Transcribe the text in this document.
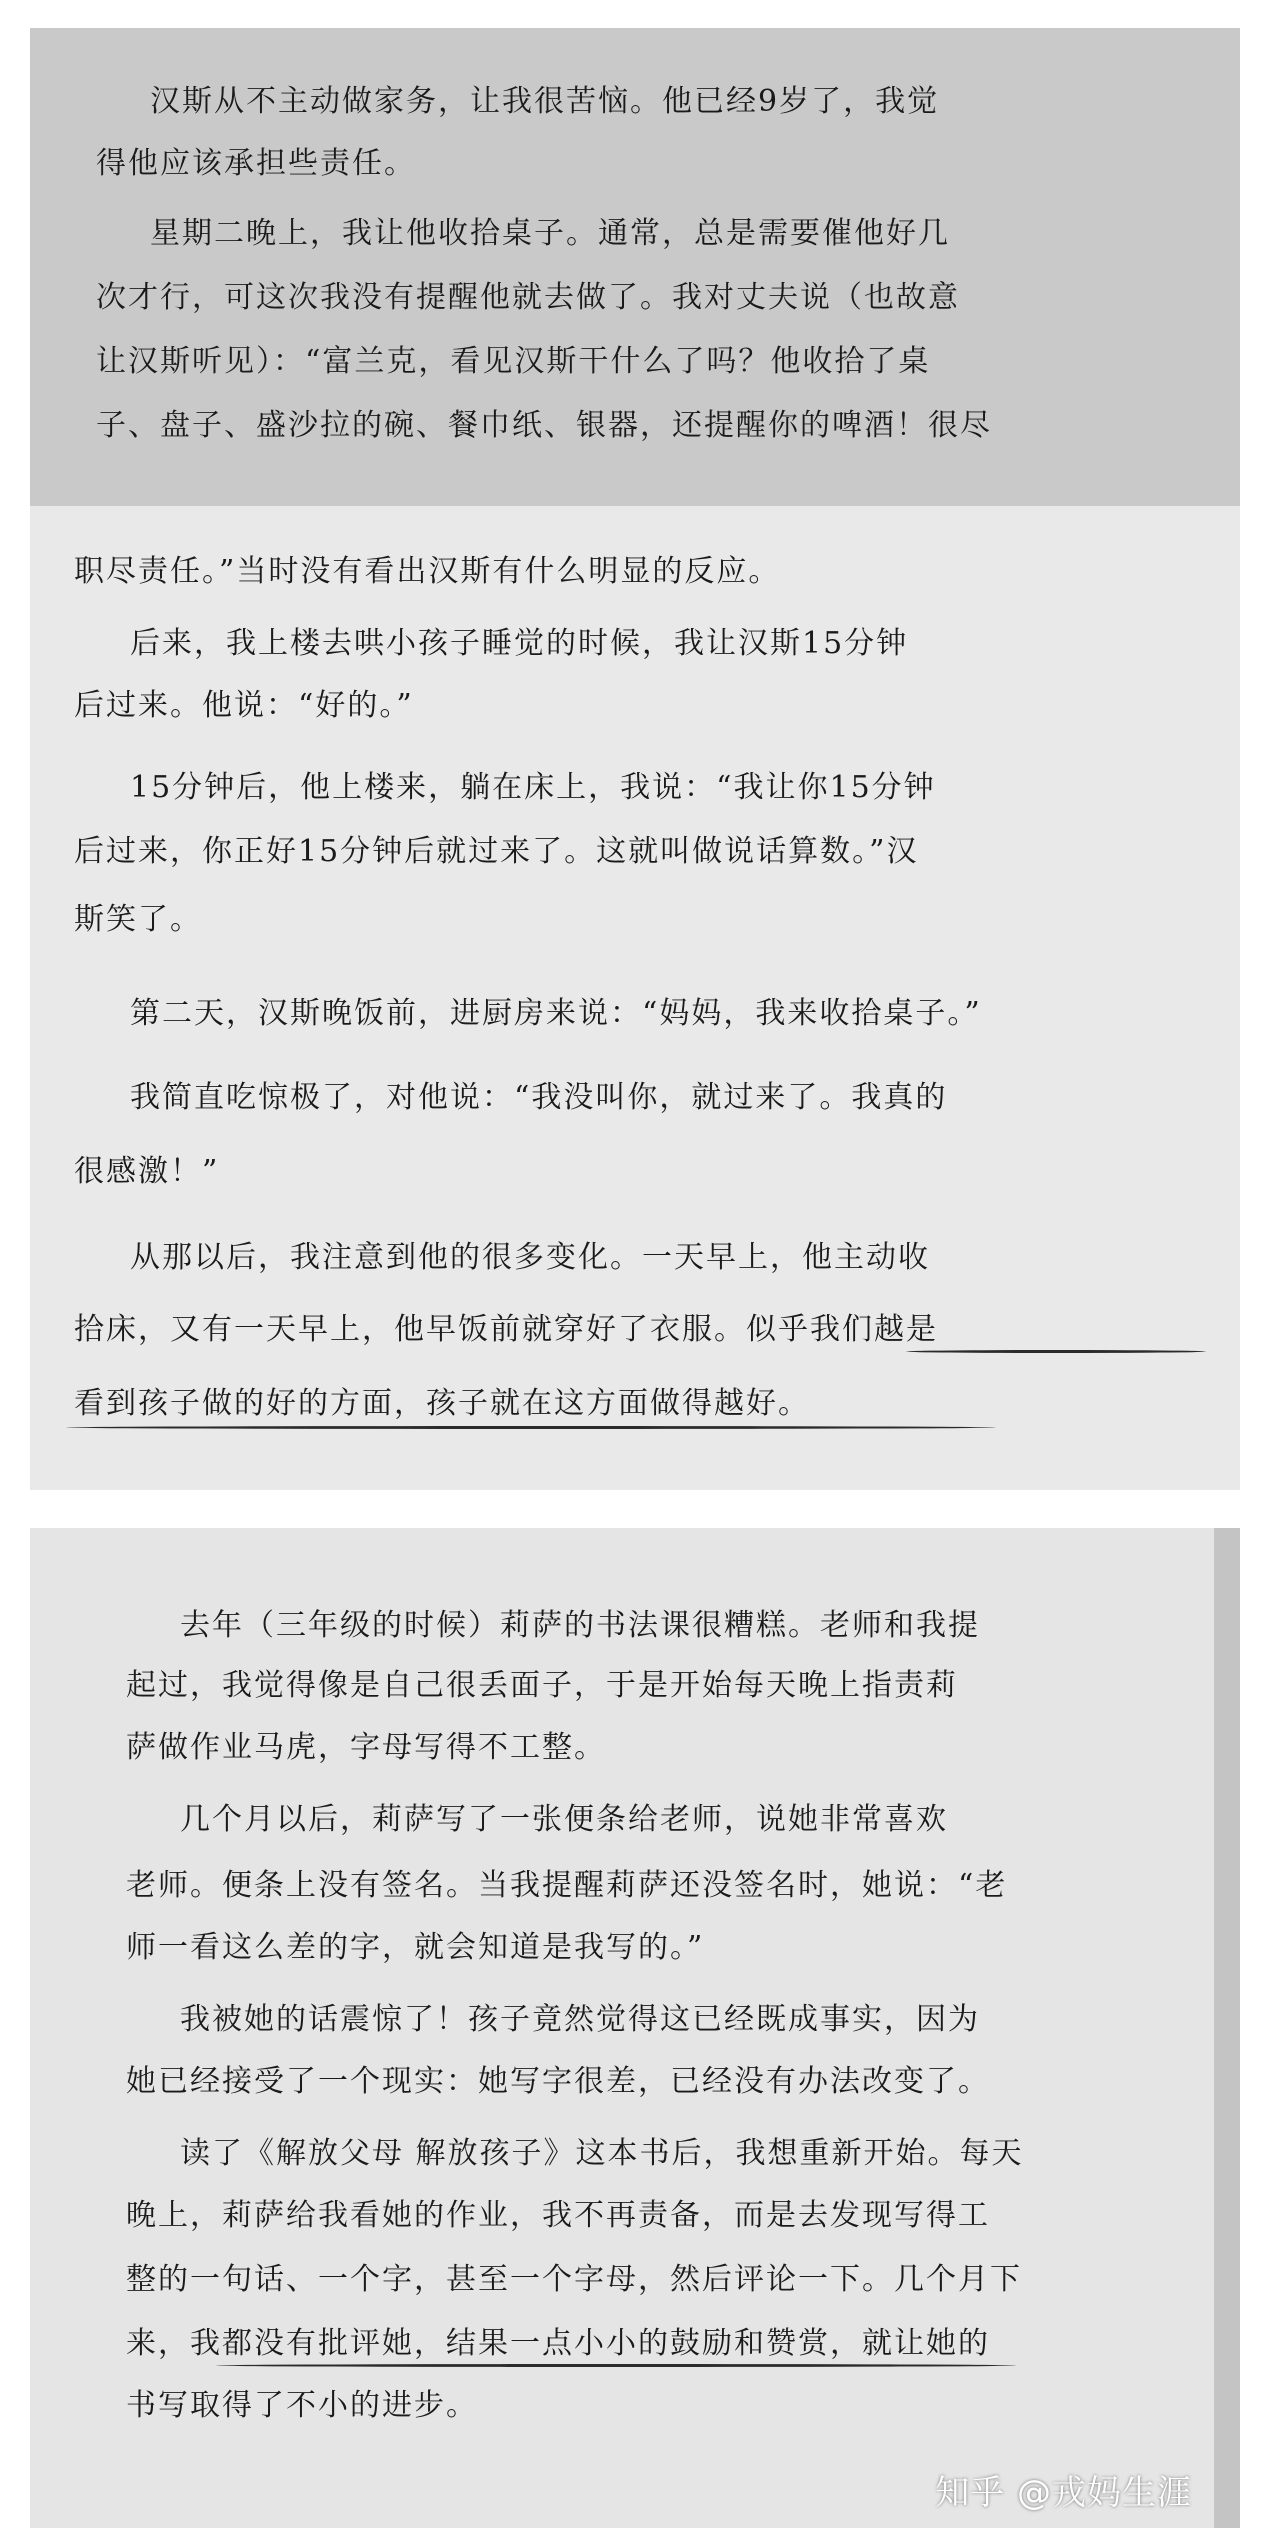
汉斯从不主动做家务，让我很苦恼。他已经9岁了，我觉
得他应该承担些责任。
星期二晚上，我让他收拾桌子。通常，总是需要催他好几
次才行，可这次我没有提醒他就去做了。我对丈夫说（也故意
让汉斯听见）：“富兰克，看见汉斯干什么了吗？他收拾了桌
子、盘子、盛沙拉的碗、餐巾纸、银器，还提醒你的啤酒！很尽
职尽责任。”当时没有看出汉斯有什么明显的反应。
后来，我上楼去哄小孩子睡觉的时候，我让汉斯15分钟
后过来。他说：“好的。”
15分钟后，他上楼来，躺在床上，我说：“我让你15分钟
后过来，你正好15分钟后就过来了。这就叫做说话算数。”汉
斯笑了。
第二天，汉斯晚饭前，进厨房来说：“妈妈，我来收拾桌子。”
我简直吃惊极了，对他说：“我没叫你，就过来了。我真的
很感激！”
从那以后，我注意到他的很多变化。一天早上，他主动收
拾床，又有一天早上，他早饭前就穿好了衣服。似乎我们越是
看到孩子做的好的方面，孩子就在这方面做得越好。
去年（三年级的时候）莉萨的书法课很糟糕。老师和我提
起过，我觉得像是自己很丢面子，于是开始每天晚上指责莉
萨做作业马虎，字母写得不工整。
几个月以后，莉萨写了一张便条给老师，说她非常喜欢
老师。便条上没有签名。当我提醒莉萨还没签名时，她说：“老
师一看这么差的字，就会知道是我写的。”
我被她的话震惊了！孩子竟然觉得这已经既成事实，因为
她已经接受了一个现实：她写字很差，已经没有办法改变了。
读了《解放父母 解放孩子》这本书后，我想重新开始。每天
晚上，莉萨给我看她的作业，我不再责备，而是去发现写得工
整的一句话、一个字，甚至一个字母，然后评论一下。几个月下
来，我都没有批评她，结果一点小小的鼓励和赞赏，就让她的
书写取得了不小的进步。
知乎 @戎妈生涯
